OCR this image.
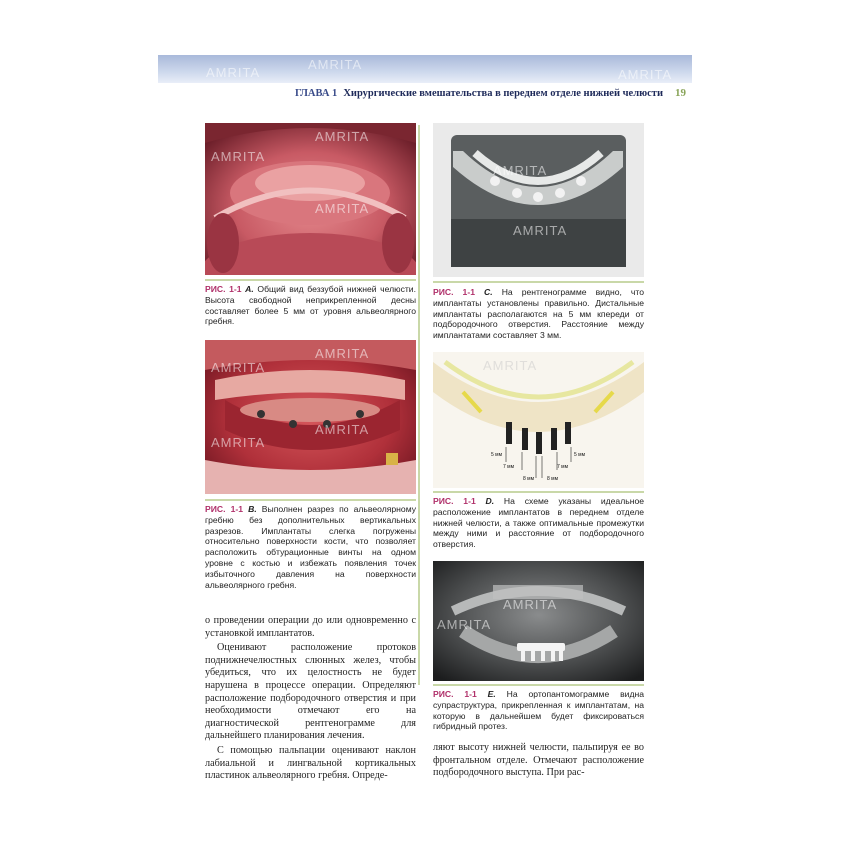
ГЛАВА 1 Хирургические вмешательства в переднем отделе нижней челюсти 19
AMRITA
AMRITA
AMRITA
РИС. 1-1 A. Общий вид беззубой нижней челюсти. Высота свободной неприкрепленной десны составляет более 5 мм от уровня альвеолярного гребня.
AMRITA
AMRITA
AMRITA
AMRITA
РИС. 1-1 B. Выполнен разрез по альвеолярному гребню без дополнительных вертикальных разрезов. Имплантаты слегка погружены относительно поверхности кости, что позволяет расположить обтурационные винты на одном уровне с костью и избежать появления точек избыточного давления на поверхности альвеолярного гребня.

о проведении операции до или одновременно с установкой имплантатов.

Оценивают расположение протоков поднижнечелюстных слюнных желез, чтобы убедиться, что их целостность не будет нарушена в процессе операции. Определяют расположение подбородочного отверстия и при необходимости отмечают его на диагностической рентгенограмме для дальнейшего планирования лечения.

С помощью пальпации оценивают наклон лабиальной и лингвальной кортикальных пластинок альвеолярного гребня. Опреде-

AMRITA
AMRITA
РИС. 1-1 C. На рентгенограмме видно, что имплантаты установлены правильно. Дистальные имплантаты располагаются на 5 мм кпереди от подбородочного отверстия. Расстояние между имплантатами составляет 3 мм.
AMRITA
5 мм
7 мм
8 мм	8 мм
7 мм
5 мм
РИС. 1-1 D. На схеме указаны идеальное расположение имплантатов в переднем отделе нижней челюсти, а также оптимальные промежутки между ними и расстояние от подбородочного отверстия.
AMRITA
AMRITA
РИС. 1-1 E. На ортопантомограмме видна супраструктура, прикрепленная к имплантатам, на которую в дальнейшем будет фиксироваться гибридный протез.

ляют высоту нижней челюсти, пальпируя ее во фронтальном отделе. Отмечают расположение подбородочного выступа. При рас-

AMRITA
AMRITA
AMRITA
